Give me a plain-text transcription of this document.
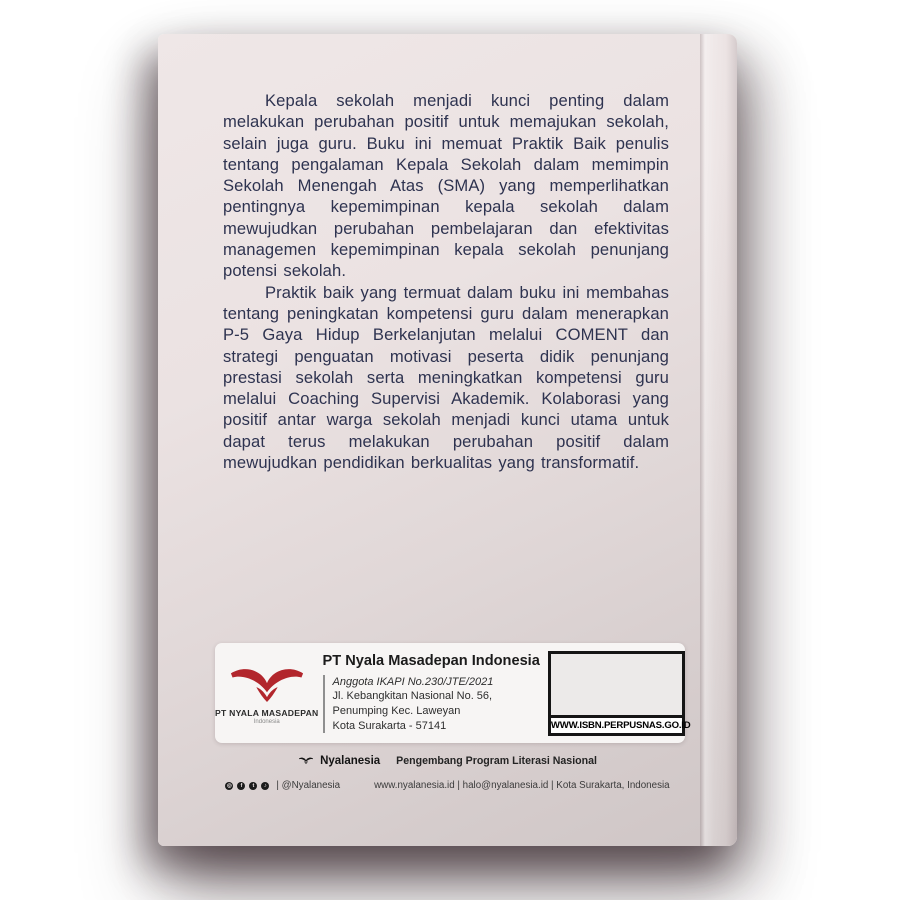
Kepala sekolah menjadi kunci penting dalam melakukan perubahan positif untuk memajukan sekolah, selain juga guru. Buku ini memuat Praktik Baik penulis tentang pengalaman Kepala Sekolah dalam memimpin Sekolah Menengah Atas (SMA) yang memperlihatkan pentingnya kepemimpinan kepala sekolah dalam mewujudkan perubahan pembelajaran dan efektivitas managemen kepemimpinan kepala sekolah penunjang potensi sekolah.

Praktik baik yang termuat dalam buku ini membahas tentang peningkatan kompetensi guru dalam menerapkan P-5 Gaya Hidup Berkelanjutan melalui COMENT dan strategi penguatan motivasi peserta didik penunjang prestasi sekolah serta meningkatkan kompetensi guru melalui Coaching Supervisi Akademik. Kolaborasi yang positif antar warga sekolah menjadi kunci utama untuk dapat terus melakukan perubahan positif dalam mewujudkan pendidikan berkualitas yang transformatif.

PT NYALA MASADEPAN
Indonesia
PT Nyala Masadepan Indonesia
Anggota IKAPI No.230/JTE/2021
Jl. Kebangkitan Nasional No. 56,
Penumping Kec. Laweyan
Kota Surakarta - 57141	WWW.ISBN.PERPUSNAS.GO.ID
Nyalanesia Pengembang Program Literasi Nasional
◎	f	t	♪ | @Nyalanesia	www.nyalanesia.id | halo@nyalanesia.id | Kota Surakarta, Indonesia
